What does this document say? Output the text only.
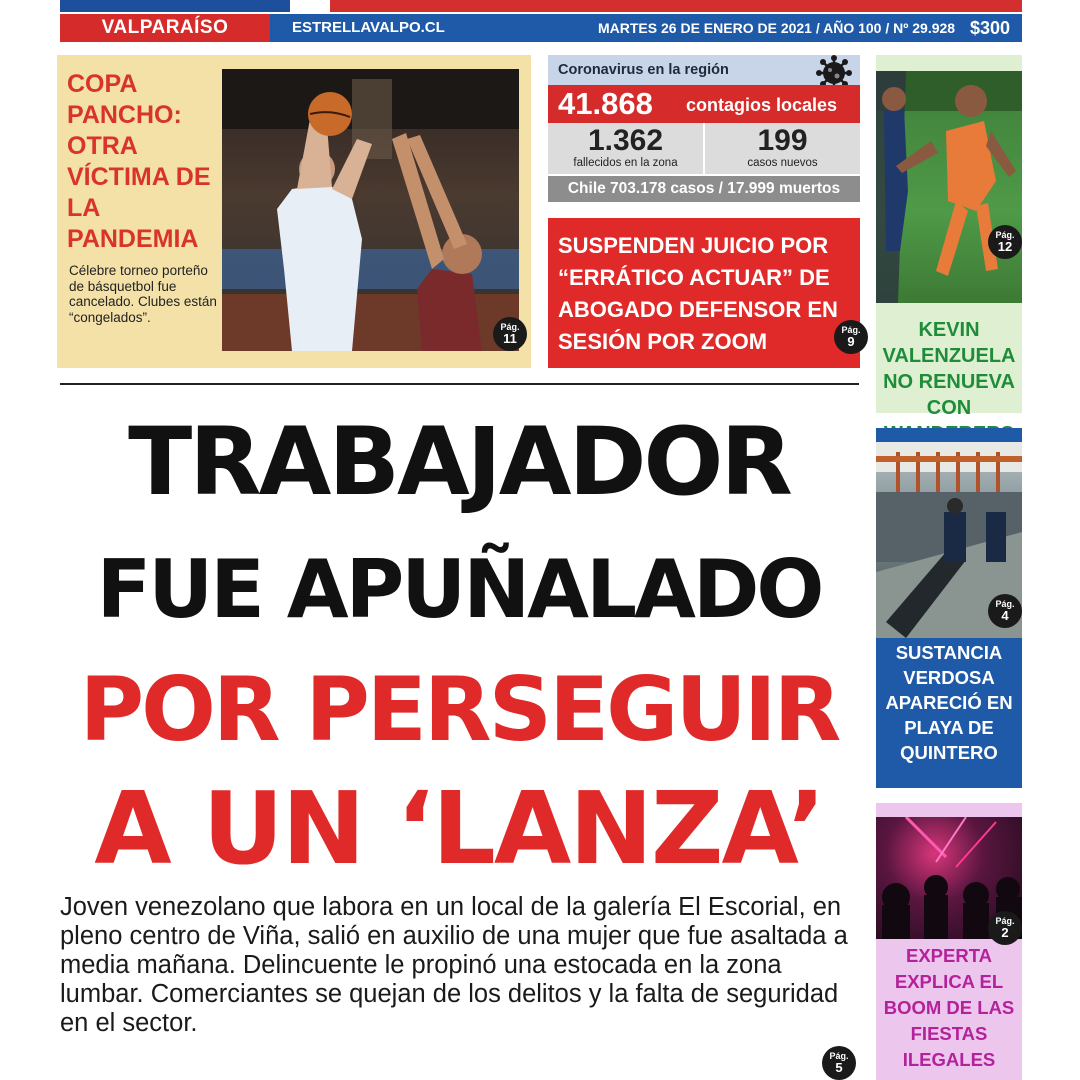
VALPARAÍSO	ESTRELLAVALPO.CL	MARTES 26 DE ENERO DE 2021 / AÑO 100 / Nº 29.928 $300
COPA PANCHO: OTRA VÍCTIMA DE LA PANDEMIA
Célebre torneo porteño de básquetbol fue cancelado. Clubes están “congelados”.
Pág.
11
Coronavirus en la región
41.868 contagios locales
1.362
fallecidos en la zona
199
casos nuevos
Chile 703.178 casos / 17.999 muertos
SUSPENDEN JUICIO POR “ERRÁTICO ACTUAR” DE ABOGADO DEFENSOR EN SESIÓN POR ZOOM	Pág.
9
TRABAJADOR
FUE APUÑALADO
POR PERSEGUIR
A UN ‘LANZA’
Joven venezolano que labora en un local de la galería El Escorial, en pleno centro de Viña, salió en auxilio de una mujer que fue asaltada a media mañana. Delincuente le propinó una estocada en la zona lumbar. Comerciantes se quejan de los delitos y la falta de seguridad en el sector.
Pág.
5
Pág.
12
KEVIN VALENZUELA NO RENUEVA CON
Pág.
4
SUSTANCIA VERDOSA APARECIÓ EN PLAYA DE QUINTERO
Pág.
2
EXPERTA EXPLICA EL BOOM DE LAS FIESTAS ILEGALES
